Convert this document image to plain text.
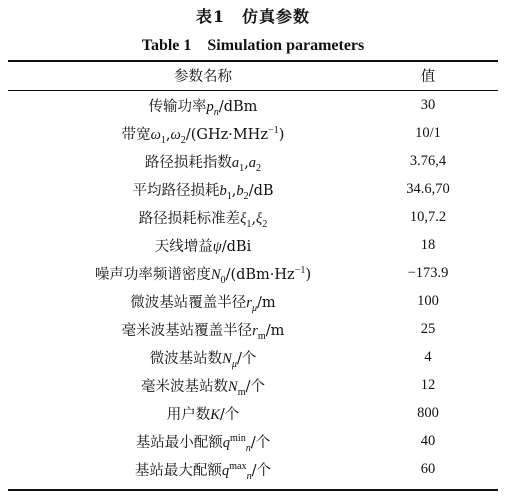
表1　仿真参数
Table 1　Simulation parameters
参数名称	值
传输功率$p_n$/dBm	30
带宽$\omega_1,\omega_2/(GHz\cdot MHz^{-1})$	10/1
路径损耗指数$a_1,a_2$	3.76,4
平均路径损耗$b_1,b_2/dB$	34.6,70
路径损耗标准差$\xi_1,\xi_2$	10,7.2
天线增益ψ/dBi	18
噪声功率频谱密度$N_0/(dBm\cdot Hz^{-1})$	−173.9
微波基站覆盖半径$r_\mu/m$	100
毫米波基站覆盖半径$r_m/m$	25
微波基站数$N_\mu/$个	4
毫米波基站数$N_m/$个	12
用户数K/个	800
基站最小配额$q^{min}_n/$个	40
基站最大配额$q^{max}_n/$个	60
